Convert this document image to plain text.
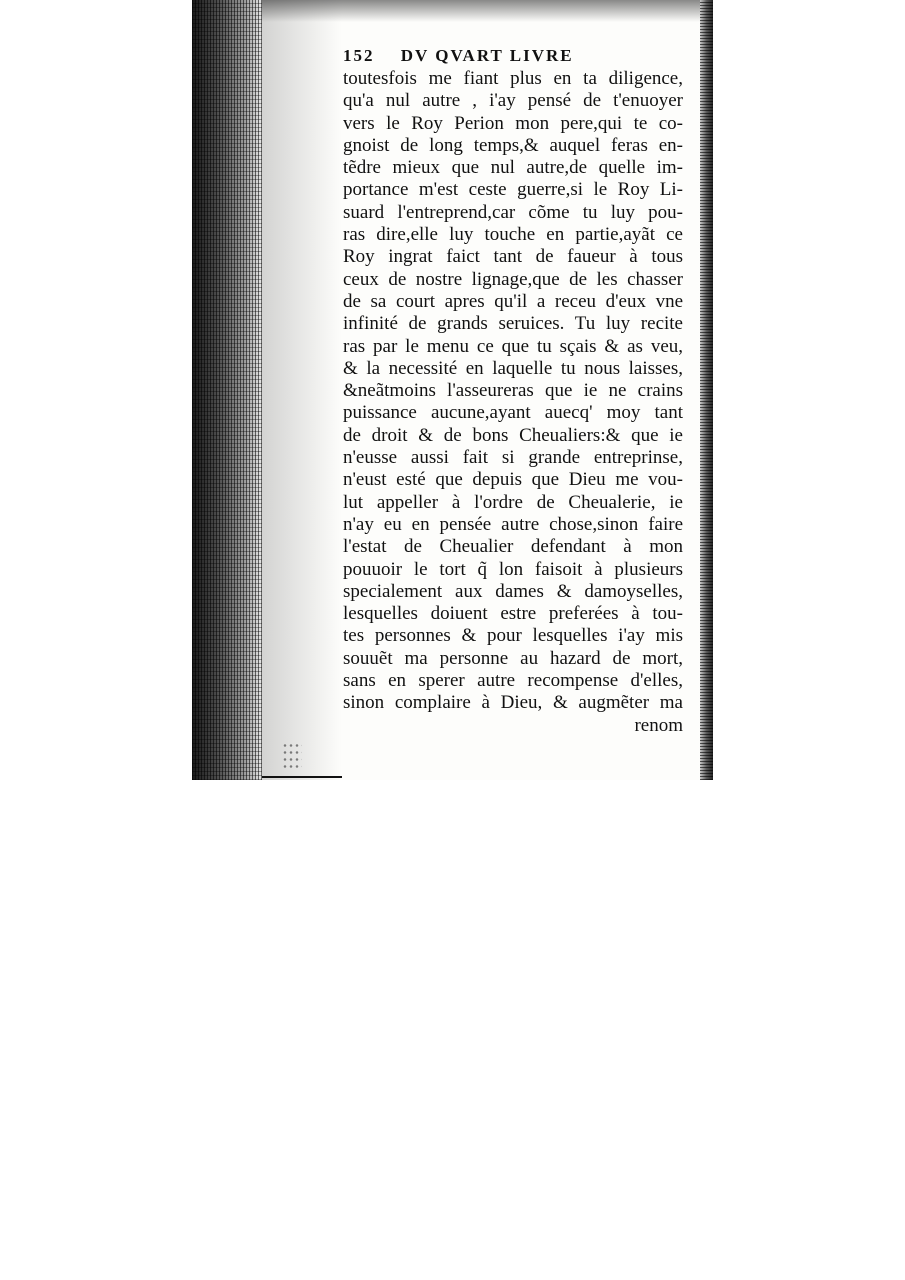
152 DV QVART LIVRE
toutesfois me fiant plus en ta diligence,
qu'a nul autre , i'ay pensé de t'enuoyer
vers le Roy Perion mon pere,qui te co-
gnoist de long temps,& auquel feras en-
tẽdre mieux que nul autre,de quelle im-
portance m'est ceste guerre,si le Roy Li-
suard l'entreprend,car cõme tu luy pou-
ras dire,elle luy touche en partie,ayãt ce
Roy ingrat faict tant de faueur à tous
ceux de nostre lignage,que de les chasser
de sa court apres qu'il a receu d'eux vne
infinité de grands seruices. Tu luy recite
ras par le menu ce que tu sçais & as veu,
& la necessité en laquelle tu nous laisses,
&neãtmoins l'asseureras que ie ne crains
puissance aucune,ayant auecq' moy tant
de droit & de bons Cheualiers:& que ie
n'eusse aussi fait si grande entreprinse,
n'eust esté que depuis que Dieu me vou-
lut appeller à l'ordre de Cheualerie, ie
n'ay eu en pensée autre chose,sinon faire
l'estat de Cheualier defendant à mon
pouuoir le tort q̃ lon faisoit à plusieurs
specialement aux dames & damoyselles,
lesquelles doiuent estre preferées à tou-
tes personnes & pour lesquelles i'ay mis
souuẽt ma personne au hazard de mort,
sans en sperer autre recompense d'elles,
sinon complaire à Dieu, & augmẽter ma
renom
